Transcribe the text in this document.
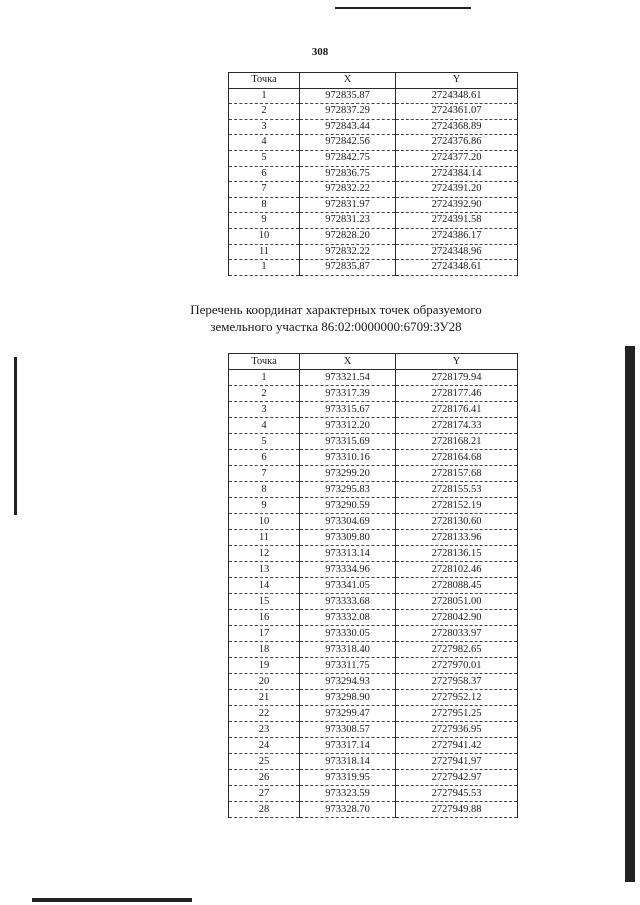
308
Точка	X	Y
1	972835.87	2724348.61
2	972837.29	2724361.07
3	972843.44	2724368.89
4	972842.56	2724376.86
5	972842.75	2724377.20
6	972836.75	2724384.14
7	972832.22	2724391.20
8	972831.97	2724392.90
9	972831.23	2724391.58
10	972828.20	2724386.17
11	972832.22	2724348.96
1	972835.87	2724348.61
Перечень координат характерных точек образуемого
земельного участка 86:02:0000000:6709:ЗУ28
Точка	X	Y
1	973321.54	2728179.94
2	973317.39	2728177.46
3	973315.67	2728176.41
4	973312.20	2728174.33
5	973315.69	2728168.21
6	973310.16	2728164.68
7	973299.20	2728157.68
8	973295.83	2728155.53
9	973290.59	2728152.19
10	973304.69	2728130.60
11	973309.80	2728133.96
12	973313.14	2728136.15
13	973334.96	2728102.46
14	973341.05	2728088.45
15	973333.68	2728051.00
16	973332.08	2728042.90
17	973330.05	2728033.97
18	973318.40	2727982.65
19	973311.75	2727970.01
20	973294.93	2727958.37
21	973298.90	2727952.12
22	973299.47	2727951.25
23	973308.57	2727936.95
24	973317.14	2727941.42
25	973318.14	2727941.97
26	973319.95	2727942.97
27	973323.59	2727945.53
28	973328.70	2727949.88
